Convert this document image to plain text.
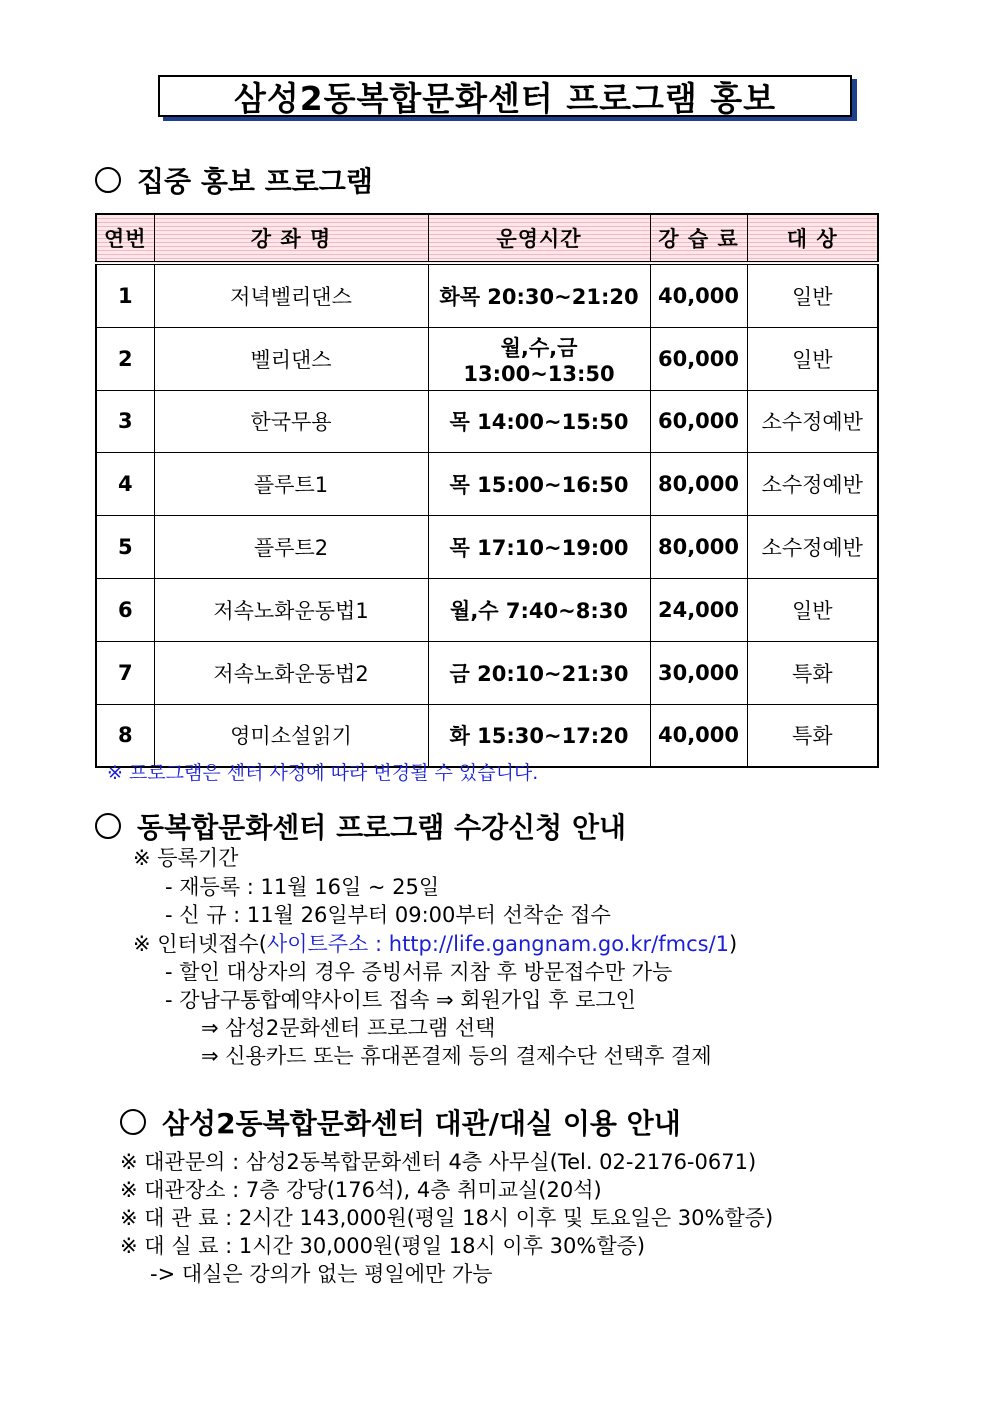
삼성2동복합문화센터 프로그램 홍보
집중 홍보 프로그램
연번	강 좌 명	운영시간	강 습 료	대 상
1	저녁벨리댄스	화목 20:30~21:20	40,000	일반
2	벨리댄스	월,수,금 13:00~13:50	60,000	일반
3	한국무용	목 14:00~15:50	60,000	소수정예반
4	플루트1	목 15:00~16:50	80,000	소수정예반
5	플루트2	목 17:10~19:00	80,000	소수정예반
6	저속노화운동법1	월,수 7:40~8:30	24,000	일반
7	저속노화운동법2	금 20:10~21:30	30,000	특화
8	영미소설읽기	화 15:30~17:20	40,000	특화
※ 프로그램은 센터 사정에 따라 변경될 수 있습니다.
동복합문화센터 프로그램 수강신청 안내
※ 등록기간
- 재등록 : 11월 16일 ~ 25일
- 신 규 : 11월 26일부터 09:00부터 선착순 접수
※ 인터넷접수(사이트주소 : http://life.gangnam.go.kr/fmcs/1)
- 할인 대상자의 경우 증빙서류 지참 후 방문접수만 가능
- 강남구통합예약사이트 접속 ⇒ 회원가입 후 로그인
⇒ 삼성2문화센터 프로그램 선택
⇒ 신용카드 또는 휴대폰결제 등의 결제수단 선택후 결제
삼성2동복합문화센터 대관/대실 이용 안내
※ 대관문의 : 삼성2동복합문화센터 4층 사무실(Tel. 02-2176-0671)
※ 대관장소 : 7층 강당(176석), 4층 취미교실(20석)
※ 대 관 료 : 2시간 143,000원(평일 18시 이후 및 토요일은 30%할증)
※ 대 실 료 : 1시간 30,000원(평일 18시 이후 30%할증)
-> 대실은 강의가 없는 평일에만 가능
